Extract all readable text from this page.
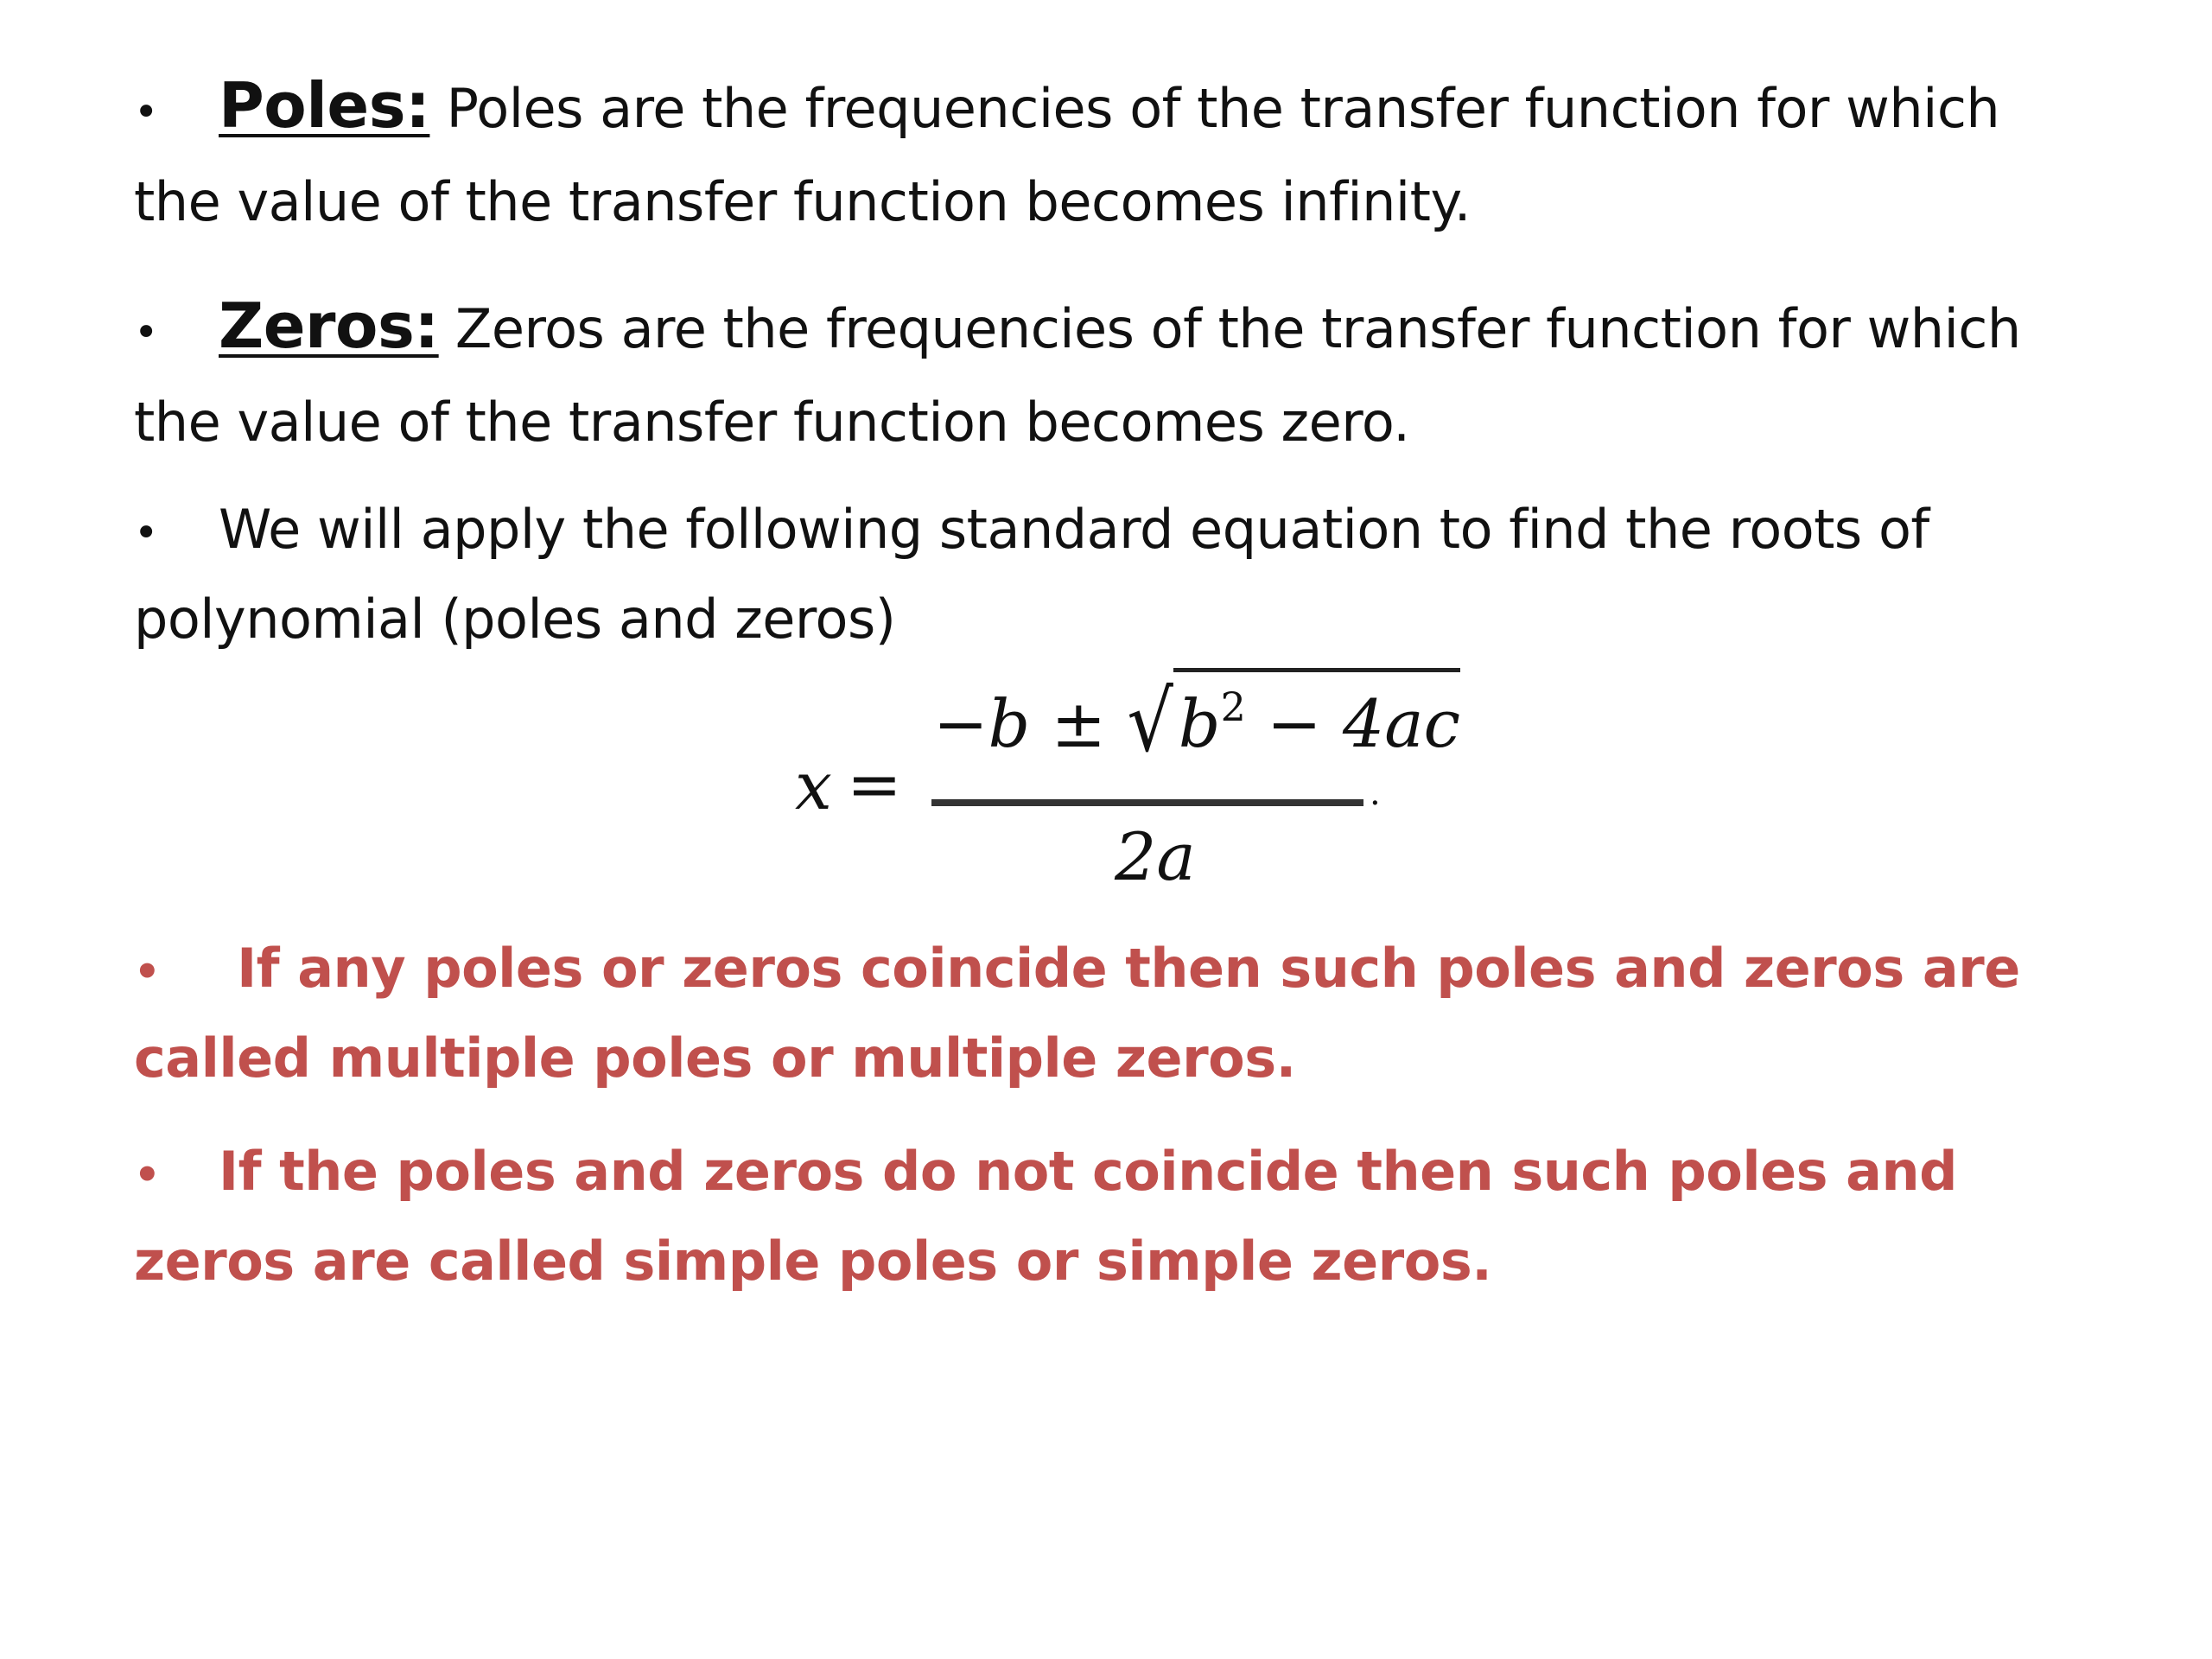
• Poles: Poles are the frequencies of the transfer function for which the value of the transfer function becomes infinity.
• Zeros: Zeros are the frequencies of the transfer function for which the value of the transfer function becomes zero.
• We will apply the following standard equation to find the roots of polynomial (poles and zeros)
x =
$-b \pm √b^2 - 4ac$
2a
.
• If any poles or zeros coincide then such poles and zeros are called multiple poles or multiple zeros.
• If the poles and zeros do not coincide then such poles and zeros are called simple poles or simple zeros.
